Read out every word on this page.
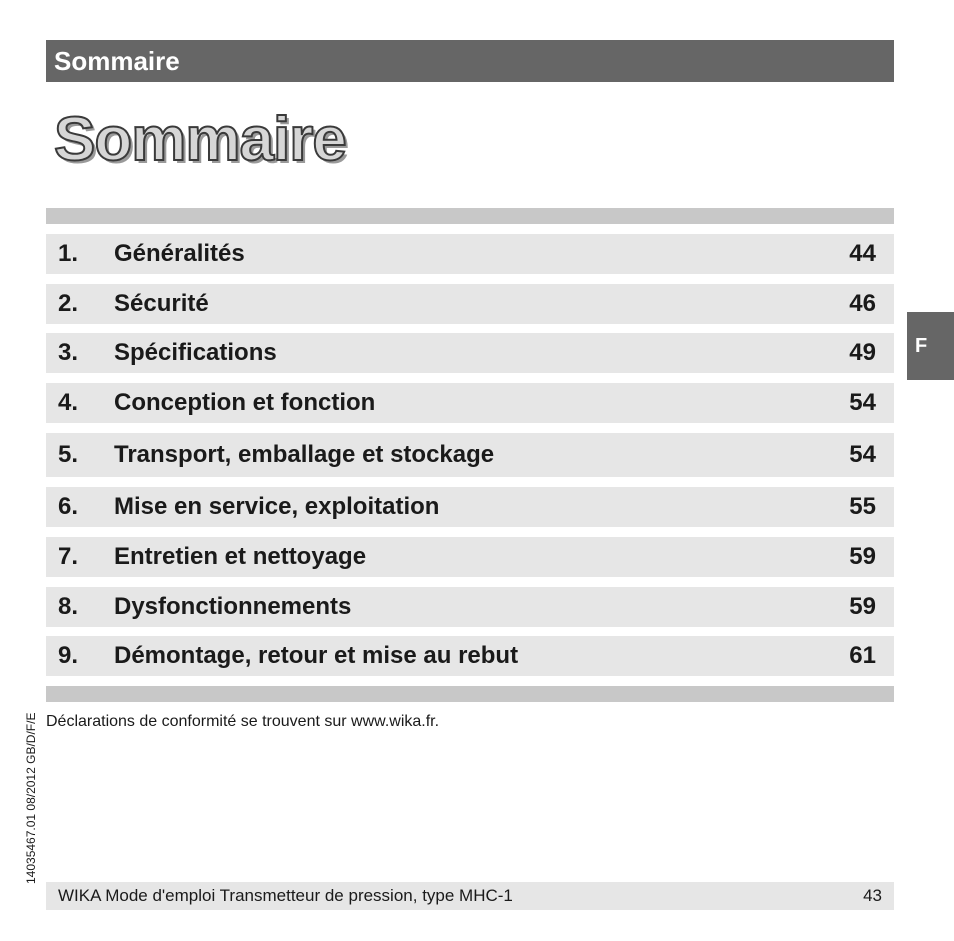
Sommaire
Sommaire
1. Généralités	44
2. Sécurité	46
3. Spécifications	49
4. Conception et fonction	54
5. Transport, emballage et stockage	54
6. Mise en service, exploitation	55
7. Entretien et nettoyage	59
8. Dysfonctionnements	59
9. Démontage, retour et mise au rebut	61
F
Déclarations de conformité se trouvent sur www.wika.fr.
14035467.01 08/2012 GB/D/F/E
WIKA Mode d'emploi Transmetteur de pression, type MHC-1	43
